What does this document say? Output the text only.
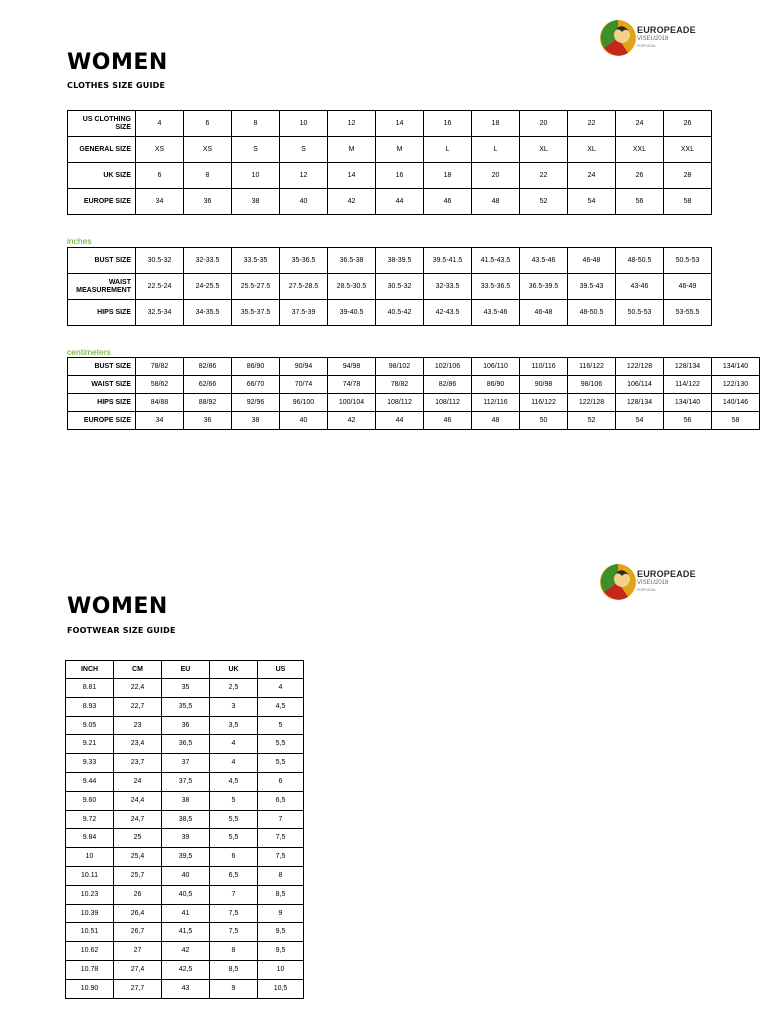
EUROPEADE
VISEU2018
PORTUGAL
WOMEN
CLOTHES SIZE GUIDE
US CLOTHING SIZE	4	6	8	10	12	14	16	18	20	22	24	26
GENERAL SIZE	XS	XS	S	S	M	M	L	L	XL	XL	XXL	XXL
UK SIZE	6	8	10	12	14	16	18	20	22	24	26	28
EUROPE SIZE	34	36	38	40	42	44	46	48	52	54	56	58
inches
BUST SIZE	30.5-32	32-33.5	33.5-35	35-36.5	36.5-38	38-39.5	39.5-41.5	41.5-43.5	43.5-46	46-48	48-50.5	50.5-53
WAIST MEASUREMENT	22.5-24	24-25.5	25.5-27.5	27.5-28.5	28.5-30.5	30.5-32	32-33.5	33.5-36.5	36.5-39.5	39.5-43	43-46	46-49
HIPS SIZE	32.5-34	34-35.5	35.5-37.5	37.5-39	39-40.5	40.5-42	42-43.5	43.5-46	46-48	48-50.5	50.5-53	53-55.5
centimeters
BUST SIZE	78/82	82/86	86/90	90/94	94/98	98/102	102/106	106/110	110/116	116/122	122/128	128/134	134/140
WAIST SIZE	58/62	62/66	66/70	70/74	74/78	78/82	82/86	86/90	90/98	98/106	106/114	114/122	122/130
HIPS SIZE	84/88	88/92	92/96	96/100	100/104	108/112	108/112	112/116	116/122	122/128	128/134	134/140	140/146
EUROPE SIZE	34	36	38	40	42	44	46	48	50	52	54	56	58
EUROPEADE
VISEU2018
PORTUGAL
WOMEN
FOOTWEAR SIZE GUIDE
INCH	CM	EU	UK	US
8.81	22,4	35	2,5	4
8.93	22,7	35,5	3	4,5
9.05	23	36	3,5	5
9.21	23,4	36,5	4	5,5
9.33	23,7	37	4	5,5
9.44	24	37,5	4,5	6
9.60	24,4	38	5	6,5
9.72	24,7	38,5	5,5	7
9.84	25	39	5,5	7,5
10	25,4	39,5	6	7,5
10.11	25,7	40	6,5	8
10.23	26	40,5	7	8,5
10.39	26,4	41	7,5	9
10.51	26,7	41,5	7,5	9,5
10.62	27	42	8	9,5
10.78	27,4	42,5	8,5	10
10.90	27,7	43	9	10,5
